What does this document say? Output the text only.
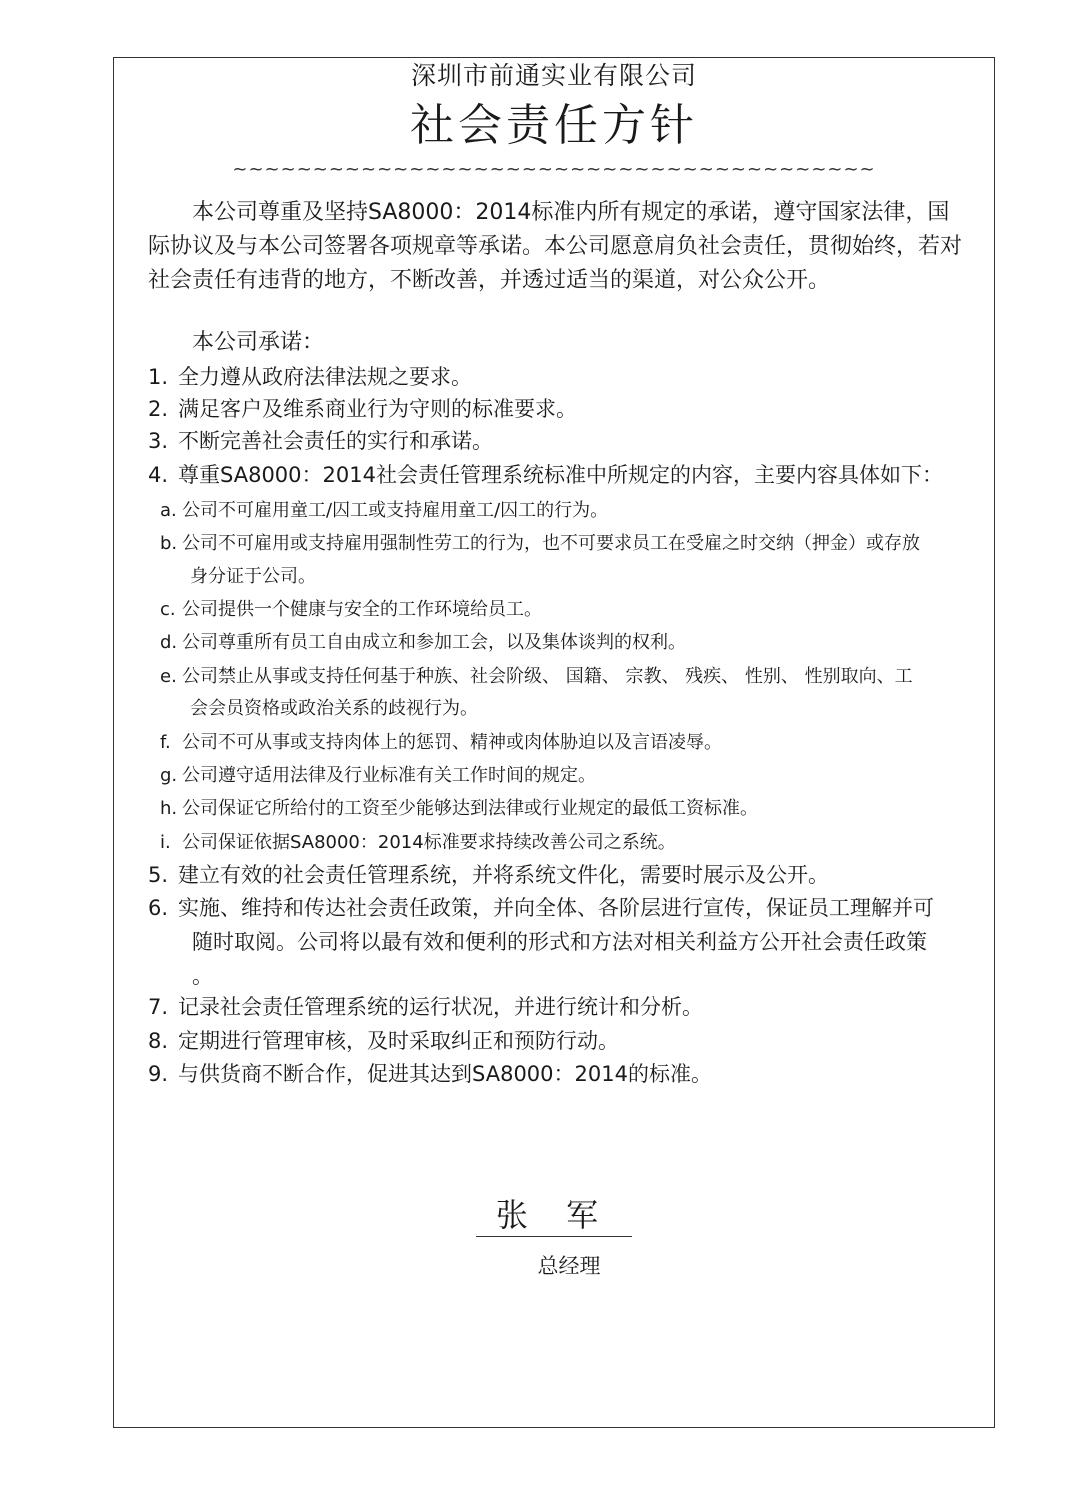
深圳市前通实业有限公司
社会责任方针
~~~~~~~~~~~~~~~~~~~~~~~~~~~~~~~~~~~~~~~~

本公司尊重及坚持SA8000：2014标准内所有规定的承诺，遵守国家法律，国际协议及与本公司签署各项规章等承诺。本公司愿意肩负社会责任，贯彻始终，若对社会责任有违背的地方，不断改善，并透过适当的渠道，对公众公开。

本公司承诺：
1. 全力遵从政府法律法规之要求。
2. 满足客户及维系商业行为守则的标准要求。
3. 不断完善社会责任的实行和承诺。
4. 尊重SA8000：2014社会责任管理系统标准中所规定的内容，主要内容具体如下：
a. 公司不可雇用童工/囚工或支持雇用童工/囚工的行为。
b. 公司不可雇用或支持雇用强制性劳工的行为，也不可要求员工在受雇之时交纳（押金）或存放
身分证于公司。
c. 公司提供一个健康与安全的工作环境给员工。
d. 公司尊重所有员工自由成立和参加工会，以及集体谈判的权利。
e. 公司禁止从事或支持任何基于种族、社会阶级、 国籍、 宗教、 残疾、 性别、 性别取向、工
会会员资格或政治关系的歧视行为。
f. 公司不可从事或支持肉体上的惩罚、精神或肉体胁迫以及言语凌辱。
g. 公司遵守适用法律及行业标准有关工作时间的规定。
h. 公司保证它所给付的工资至少能够达到法律或行业规定的最低工资标准。
i. 公司保证依据SA8000：2014标准要求持续改善公司之系统。
5. 建立有效的社会责任管理系统，并将系统文件化，需要时展示及公开。
6. 实施、维持和传达社会责任政策，并向全体、各阶层进行宣传，保证员工理解并可
随时取阅。公司将以最有效和便利的形式和方法对相关利益方公开社会责任政策
。
7. 记录社会责任管理系统的运行状况，并进行统计和分析。
8. 定期进行管理审核，及时采取纠正和预防行动。
9. 与供货商不断合作，促进其达到SA8000：2014的标准。
张 军
总经理
